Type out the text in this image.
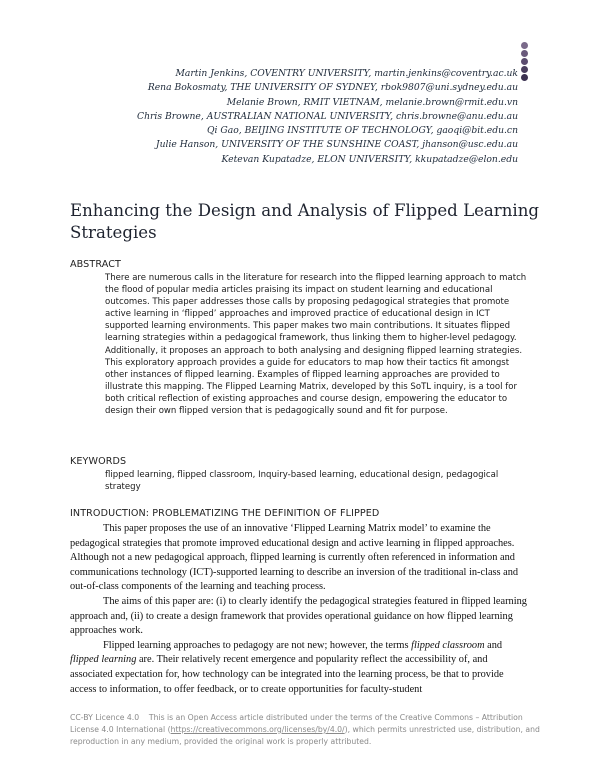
Martin Jenkins, COVENTRY UNIVERSITY, martin.jenkins@coventry.ac.uk
Rena Bokosmaty, THE UNIVERSITY OF SYDNEY, rbok9807@uni.sydney.edu.au
Melanie Brown, RMIT VIETNAM, melanie.brown@rmit.edu.vn
Chris Browne, AUSTRALIAN NATIONAL UNIVERSITY, chris.browne@anu.edu.au
Qi Gao, BEIJING INSTITUTE OF TECHNOLOGY, gaoqi@bit.edu.cn
Julie Hanson, UNIVERSITY OF THE SUNSHINE COAST, jhanson@usc.edu.au
Ketevan Kupatadze, ELON UNIVERSITY, kkupatadze@elon.edu
Enhancing the Design and Analysis of Flipped Learning Strategies
ABSTRACT
There are numerous calls in the literature for research into the flipped learning approach to match the flood of popular media articles praising its impact on student learning and educational outcomes. This paper addresses those calls by proposing pedagogical strategies that promote active learning in ‘flipped’ approaches and improved practice of educational design in ICT supported learning environments. This paper makes two main contributions. It situates flipped learning strategies within a pedagogical framework, thus linking them to higher-level pedagogy. Additionally, it proposes an approach to both analysing and designing flipped learning strategies. This exploratory approach provides a guide for educators to map how their tactics fit amongst other instances of flipped learning. Examples of flipped learning approaches are provided to illustrate this mapping. The Flipped Learning Matrix, developed by this SoTL inquiry, is a tool for both critical reflection of existing approaches and course design, empowering the educator to design their own flipped version that is pedagogically sound and fit for purpose.
KEYWORDS
flipped learning, flipped classroom, Inquiry-based learning, educational design, pedagogical strategy
INTRODUCTION: PROBLEMATIZING THE DEFINITION OF FLIPPED

This paper proposes the use of an innovative ‘Flipped Learning Matrix model’ to examine the pedagogical strategies that promote improved educational design and active learning in flipped approaches. Although not a new pedagogical approach, flipped learning is currently often referenced in information and communications technology (ICT)-supported learning to describe an inversion of the traditional in-class and out-of-class components of the learning and teaching process.

The aims of this paper are: (i) to clearly identify the pedagogical strategies featured in flipped learning approach and, (ii) to create a design framework that provides operational guidance on how flipped learning approaches work.

Flipped learning approaches to pedagogy are not new; however, the terms flipped classroom and flipped learning are. Their relatively recent emergence and popularity reflect the accessibility of, and associated expectation for, how technology can be integrated into the learning process, be that to provide access to information, to offer feedback, or to create opportunities for faculty-student

CC-BY Licence 4.0 This is an Open Access article distributed under the terms of the Creative Commons – Attribution License 4.0 International (https://creativecommons.org/licenses/by/4.0/), which permits unrestricted use, distribution, and reproduction in any medium, provided the original work is properly attributed.
